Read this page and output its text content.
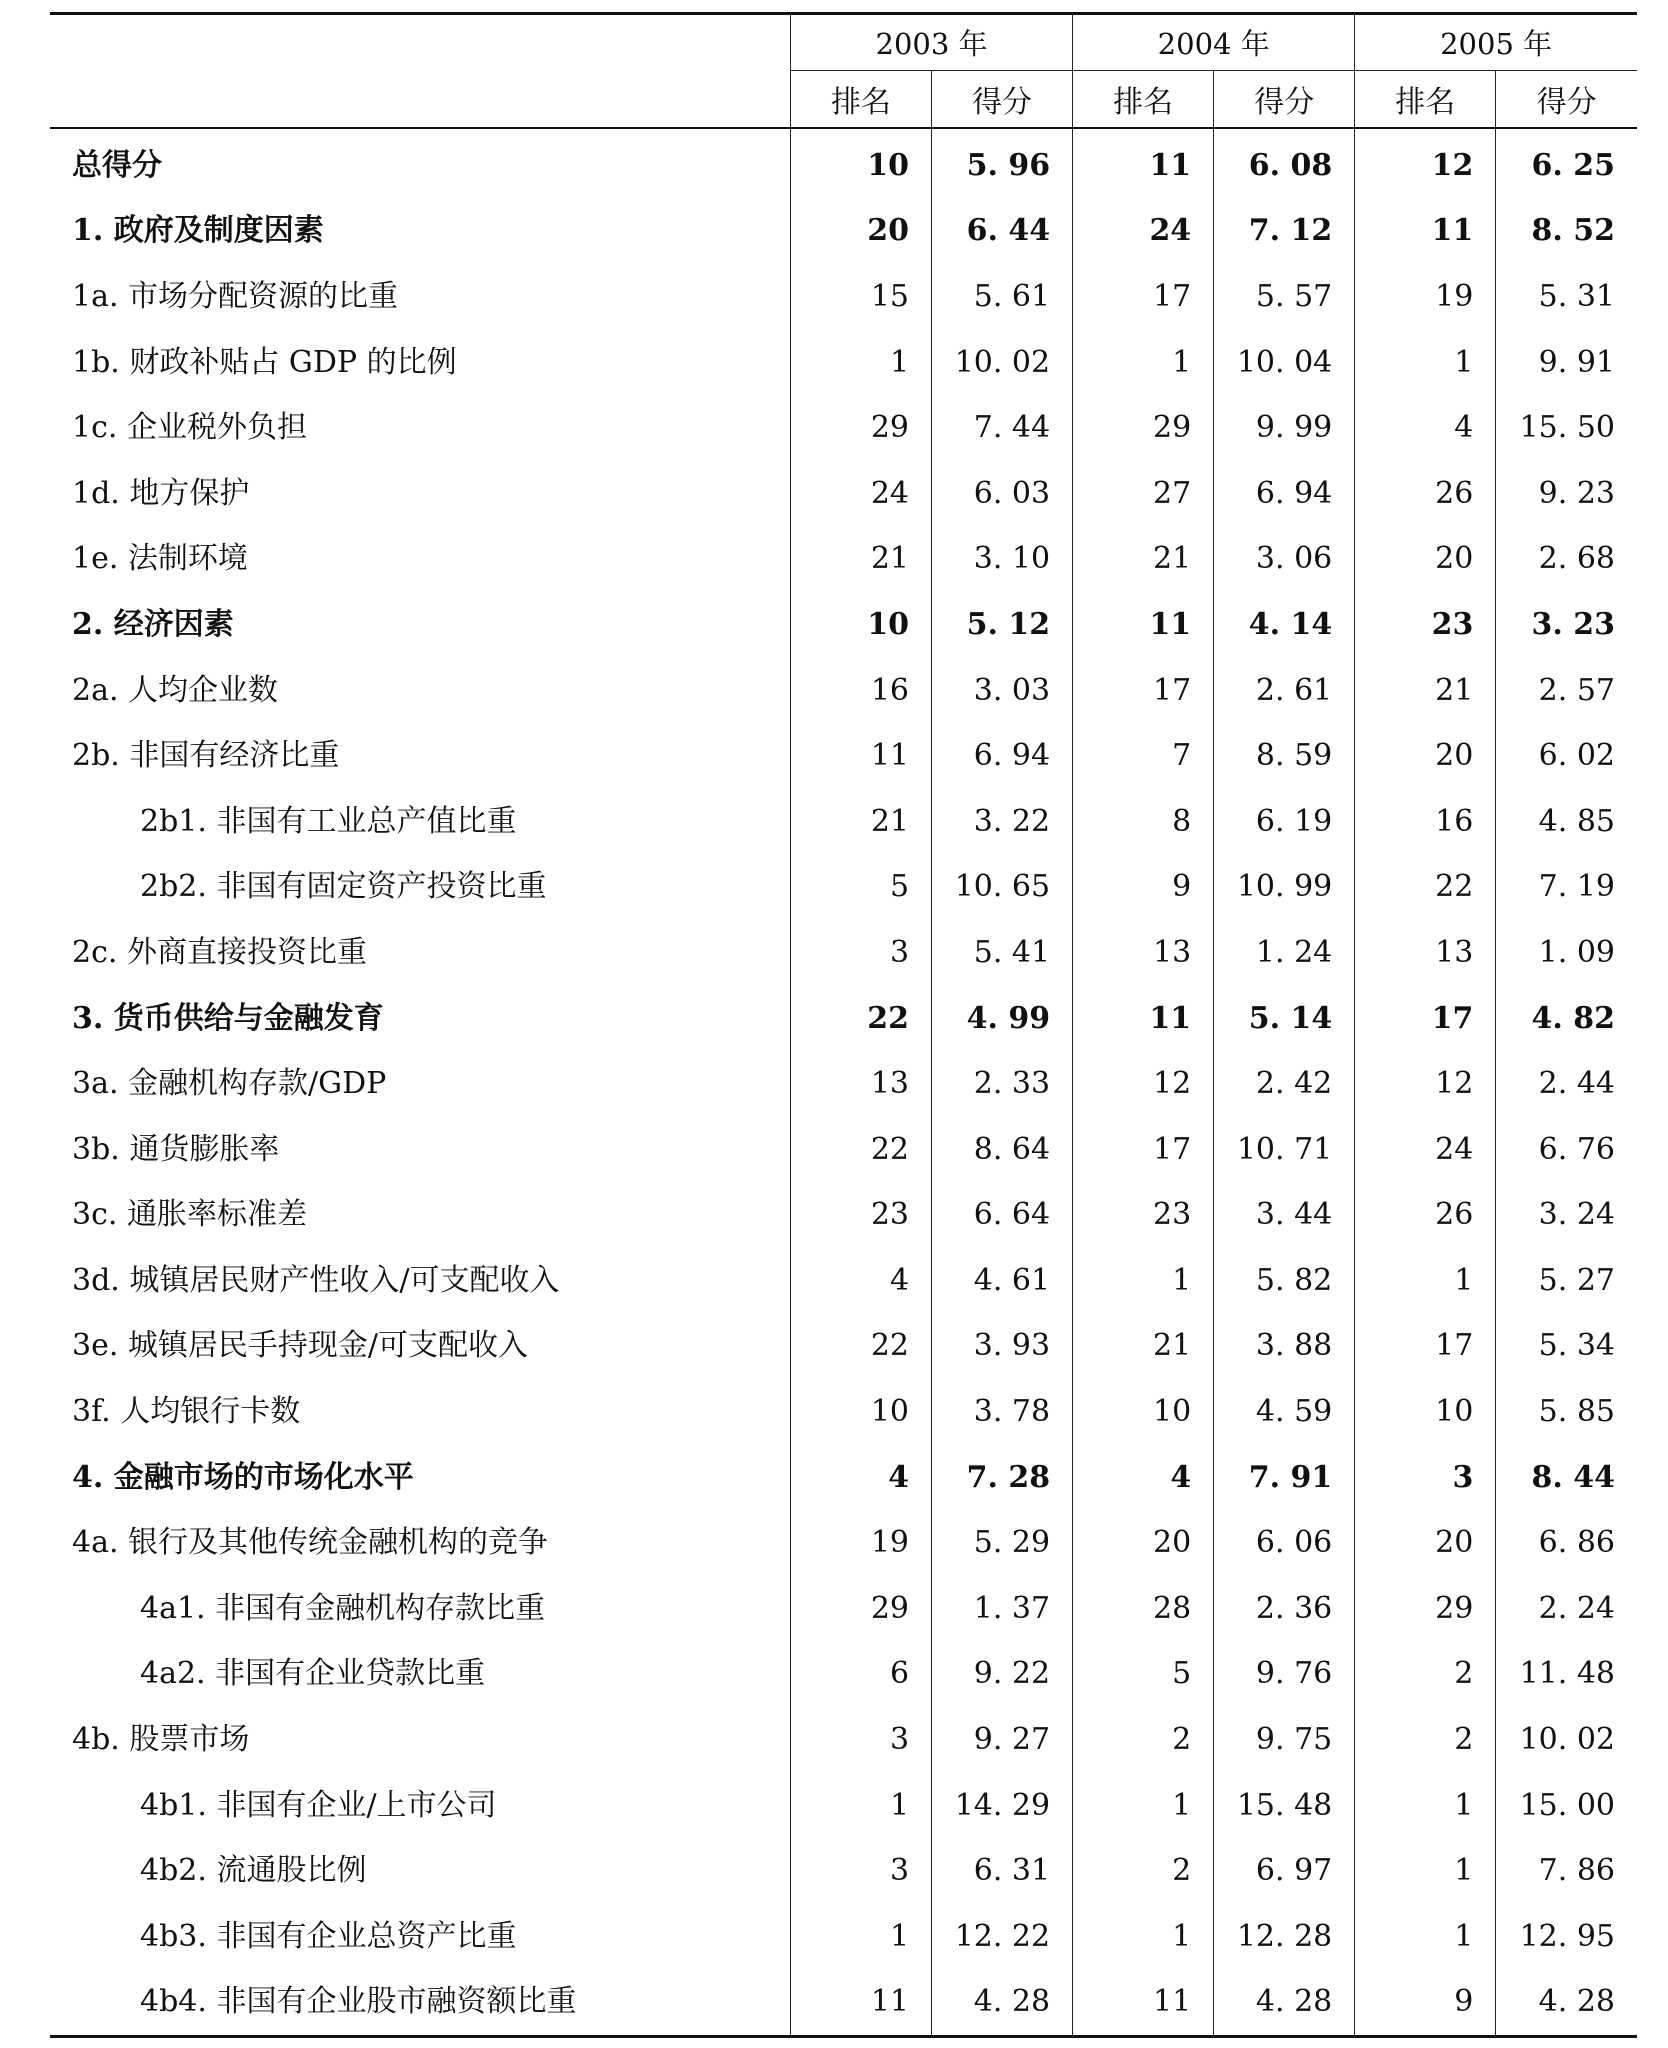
	2003 年		2004 年		2005 年	
	排名	得分	排名	得分	排名	得分
总得分	10	5. 96	11	6. 08	12	6. 25
1. 政府及制度因素	20	6. 44	24	7. 12	11	8. 52
1a. 市场分配资源的比重	15	5. 61	17	5. 57	19	5. 31
1b. 财政补贴占 GDP 的比例	1	10. 02	1	10. 04	1	9. 91
1c. 企业税外负担	29	7. 44	29	9. 99	4	15. 50
1d. 地方保护	24	6. 03	27	6. 94	26	9. 23
1e. 法制环境	21	3. 10	21	3. 06	20	2. 68
2. 经济因素	10	5. 12	11	4. 14	23	3. 23
2a. 人均企业数	16	3. 03	17	2. 61	21	2. 57
2b. 非国有经济比重	11	6. 94	7	8. 59	20	6. 02
2b1. 非国有工业总产值比重	21	3. 22	8	6. 19	16	4. 85
2b2. 非国有固定资产投资比重	5	10. 65	9	10. 99	22	7. 19
2c. 外商直接投资比重	3	5. 41	13	1. 24	13	1. 09
3. 货币供给与金融发育	22	4. 99	11	5. 14	17	4. 82
3a. 金融机构存款/GDP	13	2. 33	12	2. 42	12	2. 44
3b. 通货膨胀率	22	8. 64	17	10. 71	24	6. 76
3c. 通胀率标准差	23	6. 64	23	3. 44	26	3. 24
3d. 城镇居民财产性收入/可支配收入	4	4. 61	1	5. 82	1	5. 27
3e. 城镇居民手持现金/可支配收入	22	3. 93	21	3. 88	17	5. 34
3f. 人均银行卡数	10	3. 78	10	4. 59	10	5. 85
4. 金融市场的市场化水平	4	7. 28	4	7. 91	3	8. 44
4a. 银行及其他传统金融机构的竞争	19	5. 29	20	6. 06	20	6. 86
4a1. 非国有金融机构存款比重	29	1. 37	28	2. 36	29	2. 24
4a2. 非国有企业贷款比重	6	9. 22	5	9. 76	2	11. 48
4b. 股票市场	3	9. 27	2	9. 75	2	10. 02
4b1. 非国有企业/上市公司	1	14. 29	1	15. 48	1	15. 00
4b2. 流通股比例	3	6. 31	2	6. 97	1	7. 86
4b3. 非国有企业总资产比重	1	12. 22	1	12. 28	1	12. 95
4b4. 非国有企业股市融资额比重	11	4. 28	11	4. 28	9	4. 28
